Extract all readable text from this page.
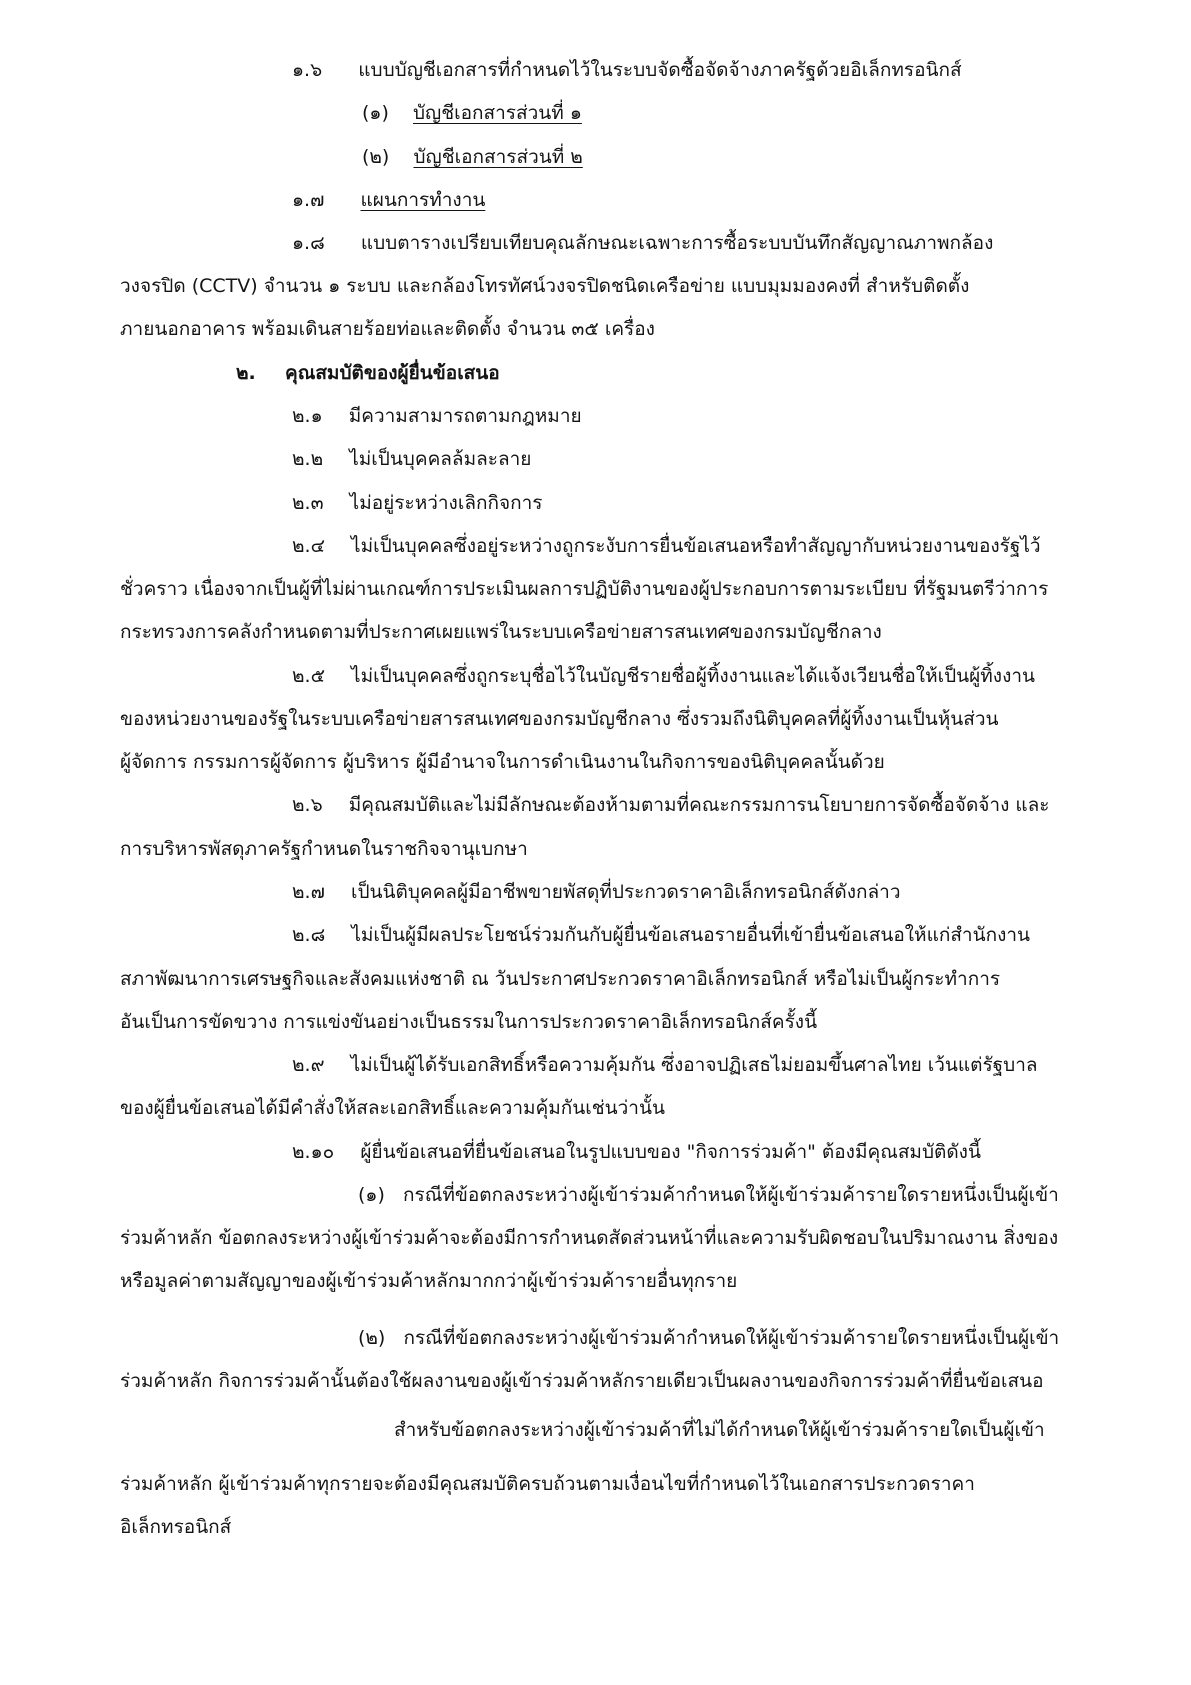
๑.๖ แบบบัญชีเอกสารที่กำหนดไว้ในระบบจัดซื้อจัดจ้างภาครัฐด้วยอิเล็กทรอนิกส์
(๑) บัญชีเอกสารส่วนที่ ๑
(๒) บัญชีเอกสารส่วนที่ ๒
๑.๗ แผนการทำงาน
๑.๘ แบบตารางเปรียบเทียบคุณลักษณะเฉพาะการซื้อระบบบันทึกสัญญาณภาพกล้อง
วงจรปิด (CCTV) จำนวน ๑ ระบบ และกล้องโทรทัศน์วงจรปิดชนิดเครือข่าย แบบมุมมองคงที่ สำหรับติดตั้ง
ภายนอกอาคาร พร้อมเดินสายร้อยท่อและติดตั้ง จำนวน ๓๕ เครื่อง
๒. คุณสมบัติของผู้ยื่นข้อเสนอ
๒.๑ มีความสามารถตามกฎหมาย
๒.๒ ไม่เป็นบุคคลล้มละลาย
๒.๓ ไม่อยู่ระหว่างเลิกกิจการ
๒.๔ ไม่เป็นบุคคลซึ่งอยู่ระหว่างถูกระงับการยื่นข้อเสนอหรือทำสัญญากับหน่วยงานของรัฐไว้
ชั่วคราว เนื่องจากเป็นผู้ที่ไม่ผ่านเกณฑ์การประเมินผลการปฏิบัติงานของผู้ประกอบการตามระเบียบ ที่รัฐมนตรีว่าการ
กระทรวงการคลังกำหนดตามที่ประกาศเผยแพร่ในระบบเครือข่ายสารสนเทศของกรมบัญชีกลาง
๒.๕ ไม่เป็นบุคคลซึ่งถูกระบุชื่อไว้ในบัญชีรายชื่อผู้ทิ้งงานและได้แจ้งเวียนชื่อให้เป็นผู้ทิ้งงาน
ของหน่วยงานของรัฐในระบบเครือข่ายสารสนเทศของกรมบัญชีกลาง ซึ่งรวมถึงนิติบุคคลที่ผู้ทิ้งงานเป็นหุ้นส่วน
ผู้จัดการ กรรมการผู้จัดการ ผู้บริหาร ผู้มีอำนาจในการดำเนินงานในกิจการของนิติบุคคลนั้นด้วย
๒.๖ มีคุณสมบัติและไม่มีลักษณะต้องห้ามตามที่คณะกรรมการนโยบายการจัดซื้อจัดจ้าง และ
การบริหารพัสดุภาครัฐกำหนดในราชกิจจานุเบกษา
๒.๗ เป็นนิติบุคคลผู้มีอาชีพขายพัสดุที่ประกวดราคาอิเล็กทรอนิกส์ดังกล่าว
๒.๘ ไม่เป็นผู้มีผลประโยชน์ร่วมกันกับผู้ยื่นข้อเสนอรายอื่นที่เข้ายื่นข้อเสนอให้แก่สำนักงาน
สภาพัฒนาการเศรษฐกิจและสังคมแห่งชาติ ณ วันประกาศประกวดราคาอิเล็กทรอนิกส์ หรือไม่เป็นผู้กระทำการ
อันเป็นการขัดขวาง การแข่งขันอย่างเป็นธรรมในการประกวดราคาอิเล็กทรอนิกส์ครั้งนี้
๒.๙ ไม่เป็นผู้ได้รับเอกสิทธิ์หรือความคุ้มกัน ซึ่งอาจปฏิเสธไม่ยอมขึ้นศาลไทย เว้นแต่รัฐบาล
ของผู้ยื่นข้อเสนอได้มีคำสั่งให้สละเอกสิทธิ์และความคุ้มกันเช่นว่านั้น
๒.๑๐ ผู้ยื่นข้อเสนอที่ยื่นข้อเสนอในรูปแบบของ "กิจการร่วมค้า" ต้องมีคุณสมบัติดังนี้
(๑) กรณีที่ข้อตกลงระหว่างผู้เข้าร่วมค้ากำหนดให้ผู้เข้าร่วมค้ารายใดรายหนึ่งเป็นผู้เข้า
ร่วมค้าหลัก ข้อตกลงระหว่างผู้เข้าร่วมค้าจะต้องมีการกำหนดสัดส่วนหน้าที่และความรับผิดชอบในปริมาณงาน สิ่งของ
หรือมูลค่าตามสัญญาของผู้เข้าร่วมค้าหลักมากกว่าผู้เข้าร่วมค้ารายอื่นทุกราย
(๒) กรณีที่ข้อตกลงระหว่างผู้เข้าร่วมค้ากำหนดให้ผู้เข้าร่วมค้ารายใดรายหนึ่งเป็นผู้เข้า
ร่วมค้าหลัก กิจการร่วมค้านั้นต้องใช้ผลงานของผู้เข้าร่วมค้าหลักรายเดียวเป็นผลงานของกิจการร่วมค้าที่ยื่นข้อเสนอ
สำหรับข้อตกลงระหว่างผู้เข้าร่วมค้าที่ไม่ได้กำหนดให้ผู้เข้าร่วมค้ารายใดเป็นผู้เข้า
ร่วมค้าหลัก ผู้เข้าร่วมค้าทุกรายจะต้องมีคุณสมบัติครบถ้วนตามเงื่อนไขที่กำหนดไว้ในเอกสารประกวดราคา
อิเล็กทรอนิกส์
